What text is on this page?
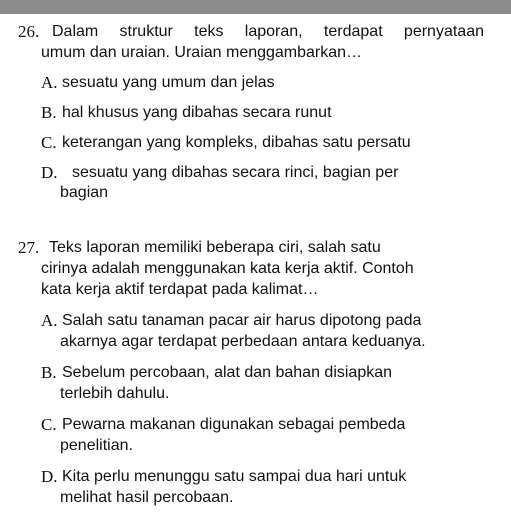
26. Dalam struktur teks laporan, terdapat pernyataan
umum dan uraian. Uraian menggambarkan…
A. sesuatu yang umum dan jelas
B. hal khusus yang dibahas secara runut
C. keterangan yang kompleks, dibahas satu persatu
D. sesuatu yang dibahas secara rinci, bagian per
bagian
27. Teks laporan memiliki beberapa ciri, salah satu
cirinya adalah menggunakan kata kerja aktif. Contoh
kata kerja aktif terdapat pada kalimat…
A. Salah satu tanaman pacar air harus dipotong pada
akarnya agar terdapat perbedaan antara keduanya.
B. Sebelum percobaan, alat dan bahan disiapkan
terlebih dahulu.
C. Pewarna makanan digunakan sebagai pembeda
penelitian.
D. Kita perlu menunggu satu sampai dua hari untuk
melihat hasil percobaan.
